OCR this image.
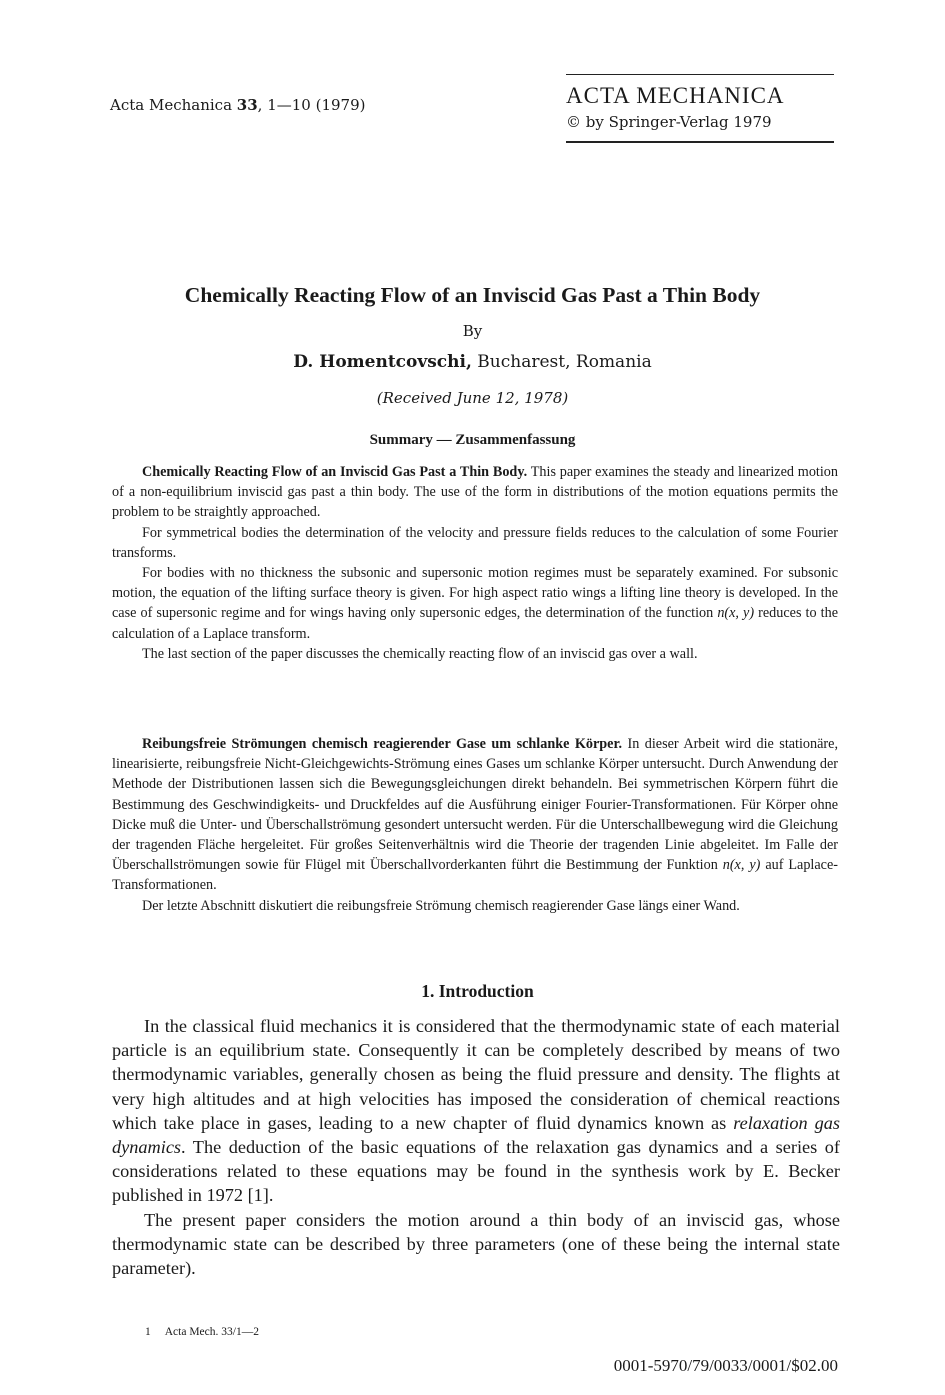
Acta Mechanica 33, 1—10 (1979)	ACTA MECHANICA
© by Springer-Verlag 1979
Chemically Reacting Flow of an Inviscid Gas Past a Thin Body
By
D. Homentcovschi, Bucharest, Romania
(Received June 12, 1978)
Summary — Zusammenfassung

Chemically Reacting Flow of an Inviscid Gas Past a Thin Body. This paper examines the steady and linearized motion of a non-equilibrium inviscid gas past a thin body. The use of the form in distributions of the motion equations permits the problem to be straightly approached.

For symmetrical bodies the determination of the velocity and pressure fields reduces to the calculation of some Fourier transforms.

For bodies with no thickness the subsonic and supersonic motion regimes must be separately examined. For subsonic motion, the equation of the lifting surface theory is given. For high aspect ratio wings a lifting line theory is developed. In the case of supersonic regime and for wings having only supersonic edges, the determination of the function n(x, y) reduces to the calculation of a Laplace transform.

The last section of the paper discusses the chemically reacting flow of an inviscid gas over a wall.

Reibungsfreie Strömungen chemisch reagierender Gase um schlanke Körper. In dieser Arbeit wird die stationäre, linearisierte, reibungsfreie Nicht-Gleichgewichts-Strömung eines Gases um schlanke Körper untersucht. Durch Anwendung der Methode der Distributionen lassen sich die Bewegungsgleichungen direkt behandeln. Bei symmetrischen Körpern führt die Bestimmung des Geschwindigkeits- und Druckfeldes auf die Ausführung einiger Fourier-Transformationen. Für Körper ohne Dicke muß die Unter- und Überschallströmung gesondert untersucht werden. Für die Unterschallbewegung wird die Gleichung der tragenden Fläche hergeleitet. Für großes Seitenverhältnis wird die Theorie der tragenden Linie abgeleitet. Im Falle der Überschallströmungen sowie für Flügel mit Überschallvorderkanten führt die Bestimmung der Funktion n(x, y) auf Laplace-Transformationen.

Der letzte Abschnitt diskutiert die reibungsfreie Strömung chemisch reagierender Gase längs einer Wand.

1. Introduction

In the classical fluid mechanics it is considered that the thermodynamic state of each material particle is an equilibrium state. Consequently it can be completely described by means of two thermodynamic variables, generally chosen as being the fluid pressure and density. The flights at very high altitudes and at high velocities has imposed the consideration of chemical reactions which take place in gases, leading to a new chapter of fluid dynamics known as relaxation gas dynamics. The deduction of the basic equations of the relaxation gas dynamics and a series of considerations related to these equations may be found in the synthesis work by E. Becker published in 1972 [1].

The present paper considers the motion around a thin body of an inviscid gas, whose thermodynamic state can be described by three parameters (one of these being the internal state parameter).

1 Acta Mech. 33/1—2
0001-5970/79/0033/0001/$02.00
